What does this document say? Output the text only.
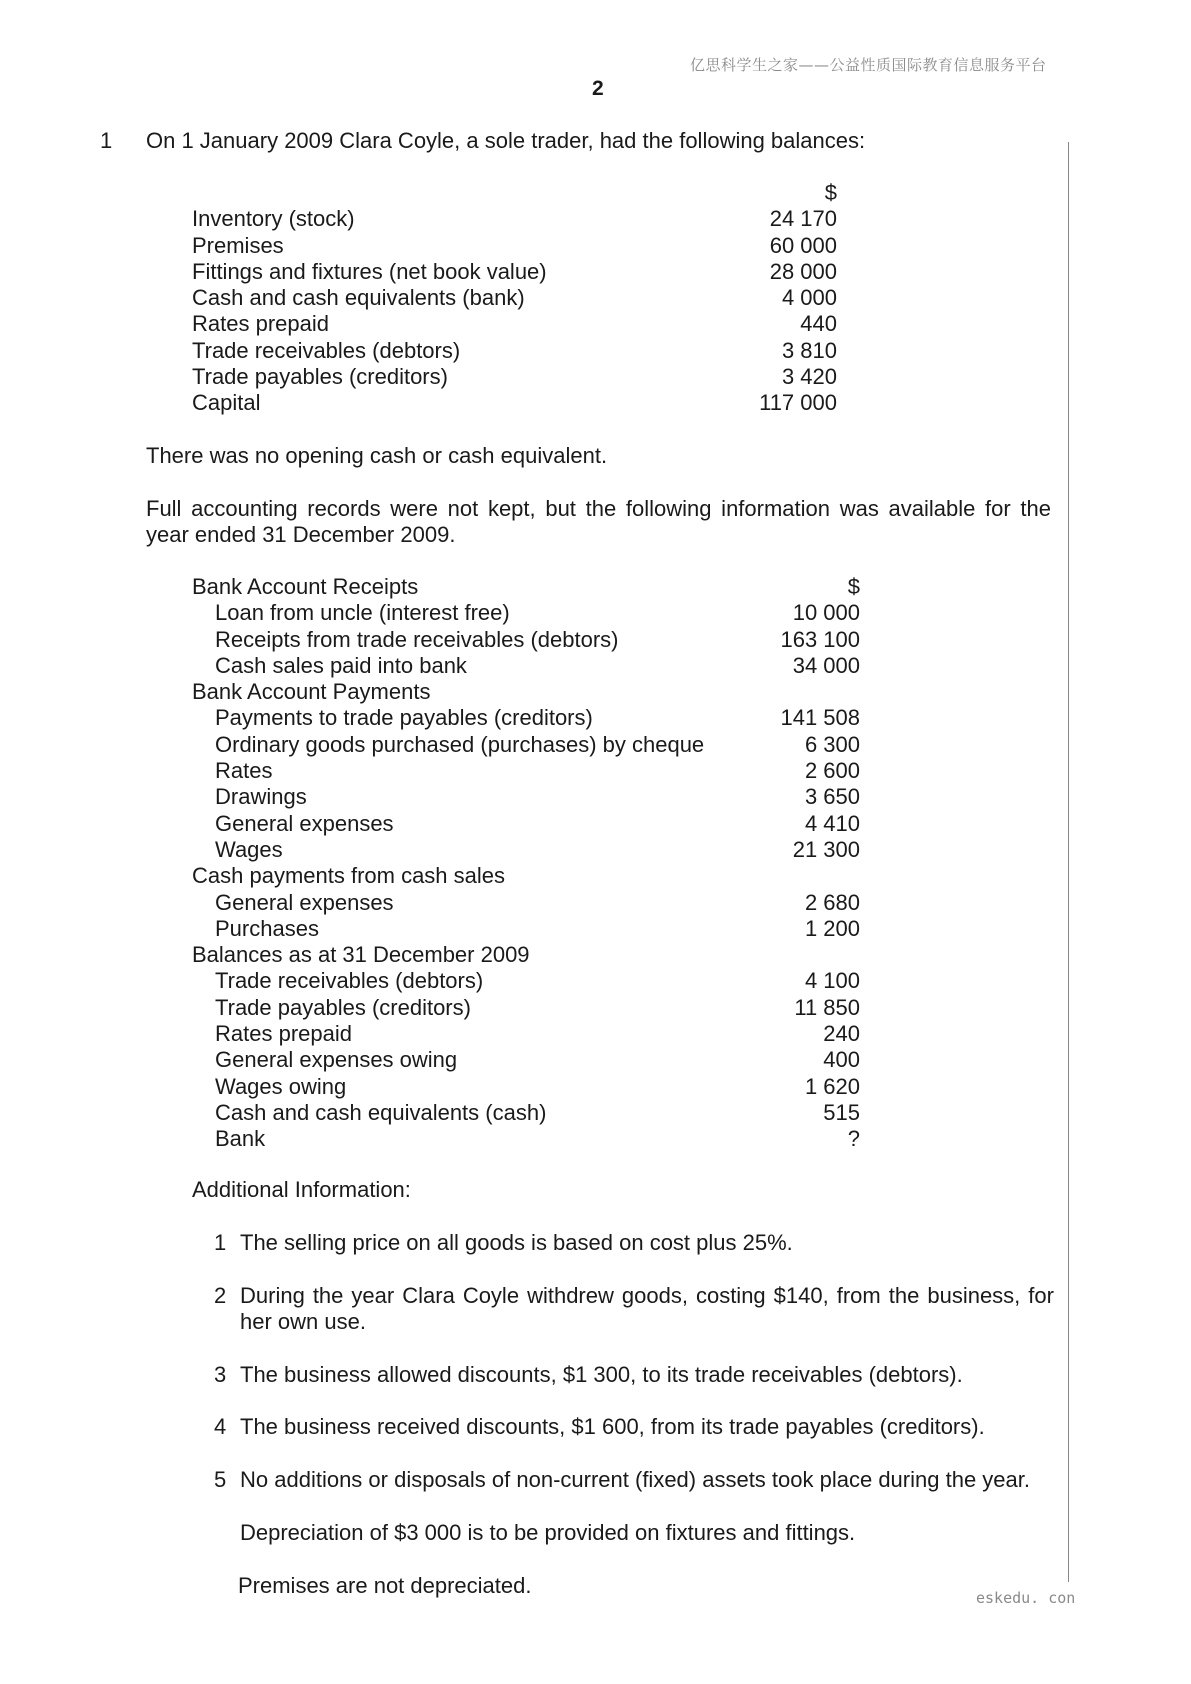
亿思科学生之家——公益性质国际教育信息服务平台
2
1 On 1 January 2009 Clara Coyle, a sole trader, had the following balances:
	$
Inventory (stock)	24 170
Premises	60 000
Fittings and fixtures (net book value)	28 000
Cash and cash equivalents (bank)	4 000
Rates prepaid	440
Trade receivables (debtors)	3 810
Trade payables (creditors)	3 420
Capital	117 000
There was no opening cash or cash equivalent.
Full accounting records were not kept, but the following information was available for the year ended 31 December 2009.
Bank Account Receipts	$
Loan from uncle (interest free)	10 000
Receipts from trade receivables (debtors)	163 100
Cash sales paid into bank	34 000
Bank Account Payments	
Payments to trade payables (creditors)	141 508
Ordinary goods purchased (purchases) by cheque	6 300
Rates	2 600
Drawings	3 650
General expenses	4 410
Wages	21 300
Cash payments from cash sales	
General expenses	2 680
Purchases	1 200
Balances as at 31 December 2009	
Trade receivables (debtors)	4 100
Trade payables (creditors)	11 850
Rates prepaid	240
General expenses owing	400
Wages owing	1 620
Cash and cash equivalents (cash)	515
Bank	?
Additional Information:
1 The selling price on all goods is based on cost plus 25%.
2 During the year Clara Coyle withdrew goods, costing $140, from the business, for her own use.
3 The business allowed discounts, $1 300, to its trade receivables (debtors).
4 The business received discounts, $1 600, from its trade payables (creditors).
5 No additions or disposals of non-current (fixed) assets took place during the year.
Depreciation of $3 000 is to be provided on fixtures and fittings.
Premises are not depreciated.	eskedu. con
